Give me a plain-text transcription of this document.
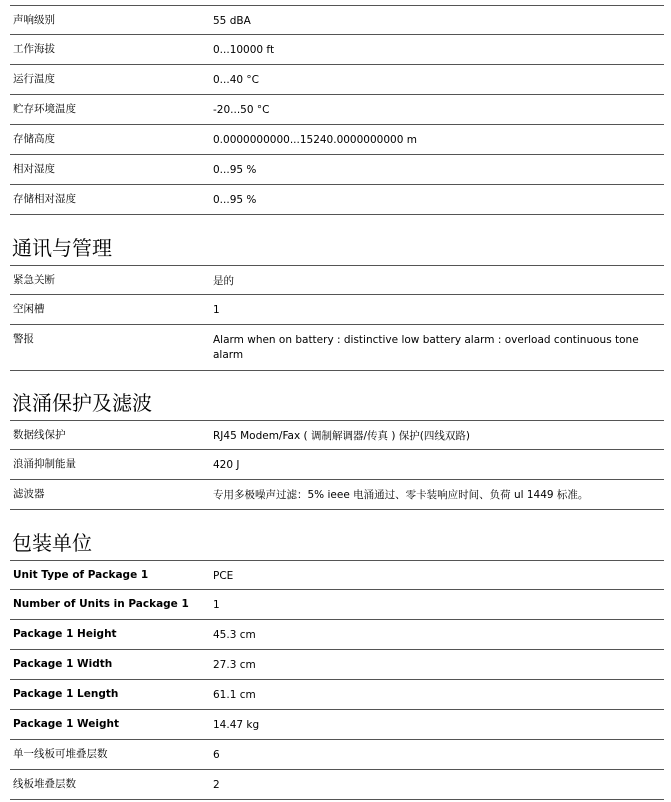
声响级别	55 dBA
工作海拔	0...10000 ft
运行温度	0...40 °C
贮存环境温度	-20...50 °C
存储高度	0.0000000000...15240.0000000000 m
相对湿度	0...95 %
存储相对湿度	0...95 %
通讯与管理
紧急关断	是的
空闲槽	1
警报	Alarm when on battery : distinctive low battery alarm : overload continuous tone alarm
浪涌保护及滤波
数据线保护	RJ45 Modem/Fax ( 调制解调器/传真 ) 保护(四线双路)
浪涌抑制能量	420 J
滤波器	专用多极噪声过滤：5% ieee 电涌通过、零卡装响应时间、负荷 ul 1449 标准。
包装单位
Unit Type of Package 1	PCE
Number of Units in Package 1	1
Package 1 Height	45.3 cm
Package 1 Width	27.3 cm
Package 1 Length	61.1 cm
Package 1 Weight	14.47 kg
单一线板可堆叠层数	6
线板堆叠层数	2
